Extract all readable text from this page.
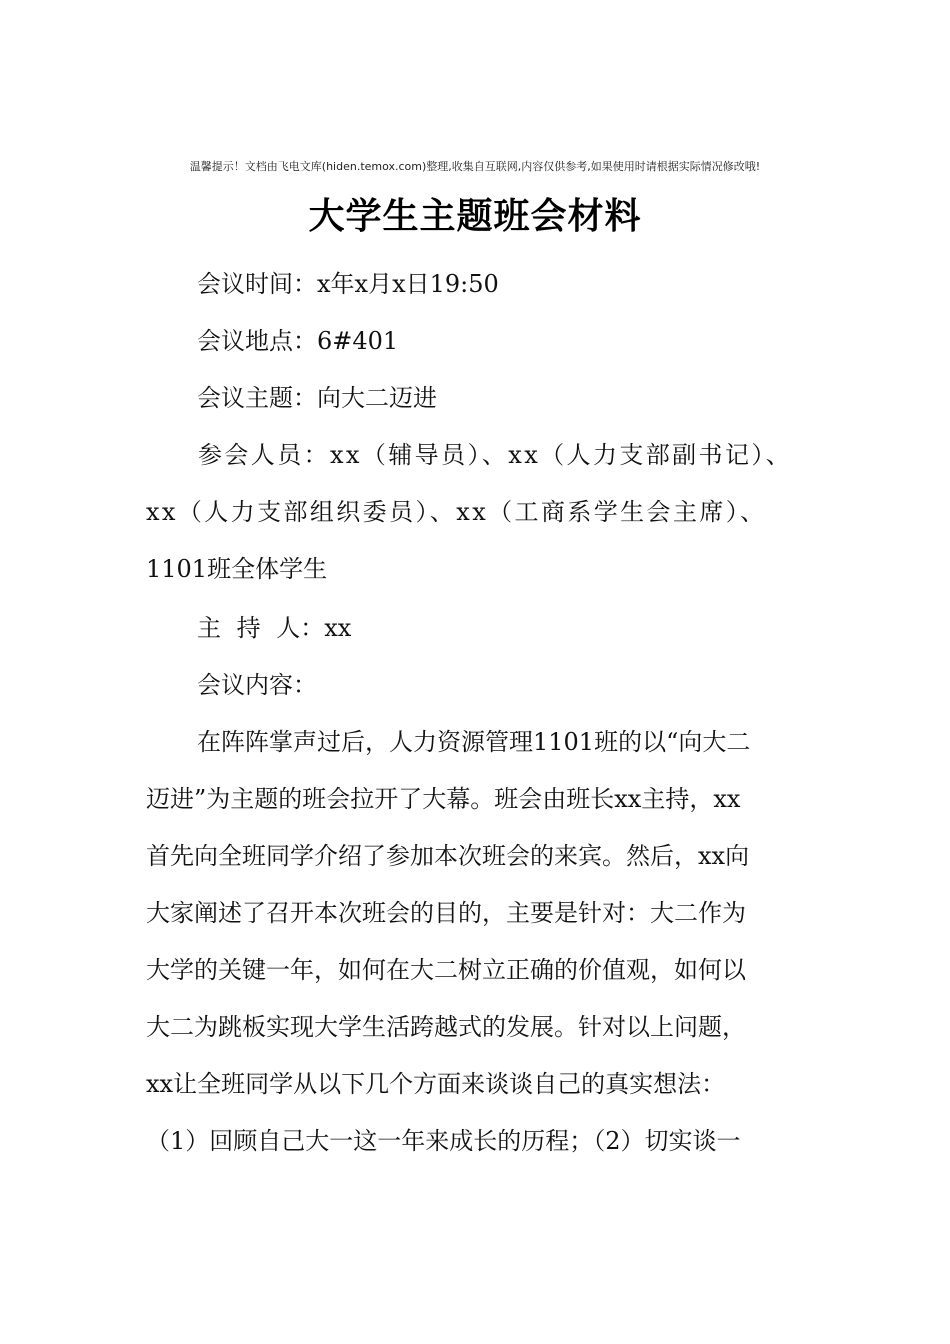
温馨提示！文档由飞电文库(hiden.temox.com)整理,收集自互联网,内容仅供参考,如果使用时请根据实际情况修改哦!
大学生主题班会材料
会议时间：x年x月x日19:50
会议地点：6#401
会议主题：向大二迈进
参会人员：xx（辅导员）、xx（人力支部副书记）、
xx（人力支部组织委员）、xx（工商系学生会主席）、
1101班全体学生
主 持 人：xx
会议内容：
在阵阵掌声过后，人力资源管理1101班的以“向大二
迈进”为主题的班会拉开了大幕。班会由班长xx主持，xx
首先向全班同学介绍了参加本次班会的来宾。然后，xx向
大家阐述了召开本次班会的目的，主要是针对：大二作为
大学的关键一年，如何在大二树立正确的价值观，如何以
大二为跳板实现大学生活跨越式的发展。针对以上问题，
xx让全班同学从以下几个方面来谈谈自己的真实想法：
（1）回顾自己大一这一年来成长的历程；（2）切实谈一
